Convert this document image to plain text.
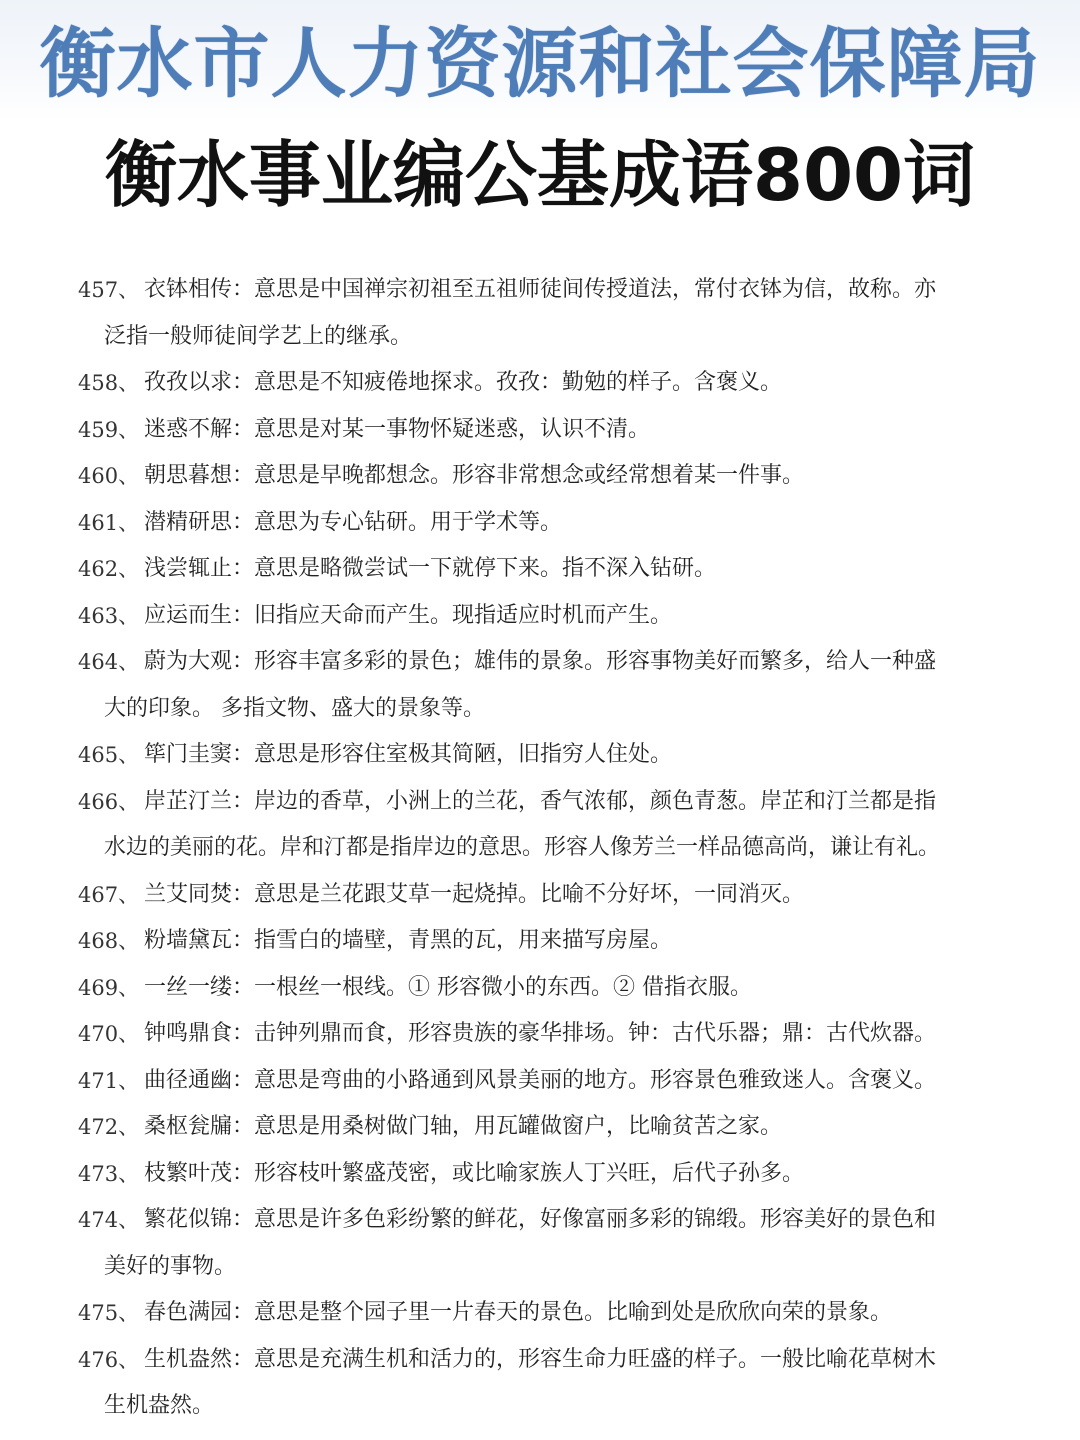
衡水市人力资源和社会保障局
衡水事业编公基成语800词
457、 衣钵相传：意思是中国禅宗初祖至五祖师徒间传授道法，常付衣钵为信，故称。亦
泛指一般师徒间学艺上的继承。
458、 孜孜以求：意思是不知疲倦地探求。孜孜：勤勉的样子。含褒义。
459、 迷惑不解：意思是对某一事物怀疑迷惑，认识不清。
460、 朝思暮想：意思是早晚都想念。形容非常想念或经常想着某一件事。
461、 潜精研思：意思为专心钻研。用于学术等。
462、 浅尝辄止：意思是略微尝试一下就停下来。指不深入钻研。
463、 应运而生：旧指应天命而产生。现指适应时机而产生。
464、 蔚为大观：形容丰富多彩的景色；雄伟的景象。形容事物美好而繁多，给人一种盛
大的印象。 多指文物、盛大的景象等。
465、 筚门圭窦：意思是形容住室极其简陋，旧指穷人住处。
466、 岸芷汀兰：岸边的香草，小洲上的兰花，香气浓郁，颜色青葱。岸芷和汀兰都是指
水边的美丽的花。岸和汀都是指岸边的意思。形容人像芳兰一样品德高尚，谦让有礼。
467、 兰艾同焚：意思是兰花跟艾草一起烧掉。比喻不分好坏，一同消灭。
468、 粉墙黛瓦：指雪白的墙壁，青黑的瓦，用来描写房屋。
469、 一丝一缕：一根丝一根线。① 形容微小的东西。② 借指衣服。
470、 钟鸣鼎食：击钟列鼎而食，形容贵族的豪华排场。钟：古代乐器；鼎：古代炊器。
471、 曲径通幽：意思是弯曲的小路通到风景美丽的地方。形容景色雅致迷人。含褒义。
472、 桑枢瓮牖：意思是用桑树做门轴，用瓦罐做窗户，比喻贫苦之家。
473、 枝繁叶茂：形容枝叶繁盛茂密，或比喻家族人丁兴旺，后代子孙多。
474、 繁花似锦：意思是许多色彩纷繁的鲜花，好像富丽多彩的锦缎。形容美好的景色和
美好的事物。
475、 春色满园：意思是整个园子里一片春天的景色。比喻到处是欣欣向荣的景象。
476、 生机盎然：意思是充满生机和活力的，形容生命力旺盛的样子。一般比喻花草树木
生机盎然。
